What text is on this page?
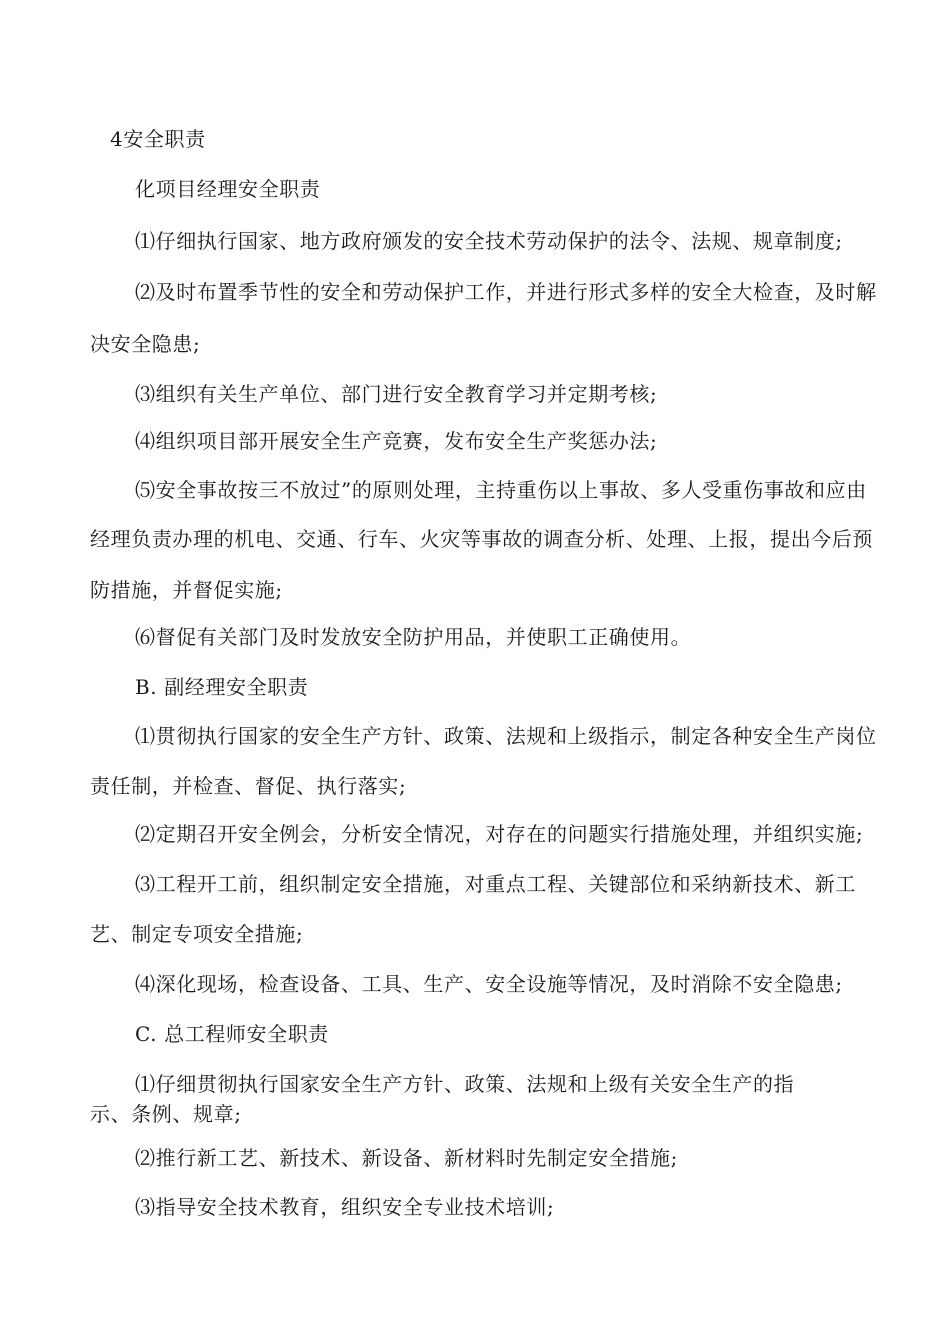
4安全职责
化项目经理安全职责
⑴仔细执行国家、地方政府颁发的安全技术劳动保护的法令、法规、规章制度;
⑵及时布置季节性的安全和劳动保护工作，并进行形式多样的安全大检查，及时解
决安全隐患;
⑶组织有关生产单位、部门进行安全教育学习并定期考核;
⑷组织项目部开展安全生产竞赛，发布安全生产奖惩办法;
⑸安全事故按三不放过”的原则处理，主持重伤以上事故、多人受重伤事故和应由
经理负责办理的机电、交通、行车、火灾等事故的调查分析、处理、上报，提出今后预
防措施，并督促实施;
⑹督促有关部门及时发放安全防护用品，并使职工正确使用。
B. 副经理安全职责
⑴贯彻执行国家的安全生产方针、政策、法规和上级指示，制定各种安全生产岗位
责任制，并检查、督促、执行落实;
⑵定期召开安全例会，分析安全情况，对存在的问题实行措施处理，并组织实施;
⑶工程开工前，组织制定安全措施，对重点工程、关键部位和采纳新技术、新工
艺、制定专项安全措施;
⑷深化现场，检查设备、工具、生产、安全设施等情况，及时消除不安全隐患;
C. 总工程师安全职责
⑴仔细贯彻执行国家安全生产方针、政策、法规和上级有关安全生产的指
示、条例、规章;
⑵推行新工艺、新技术、新设备、新材料时先制定安全措施;
⑶指导安全技术教育，组织安全专业技术培训;
